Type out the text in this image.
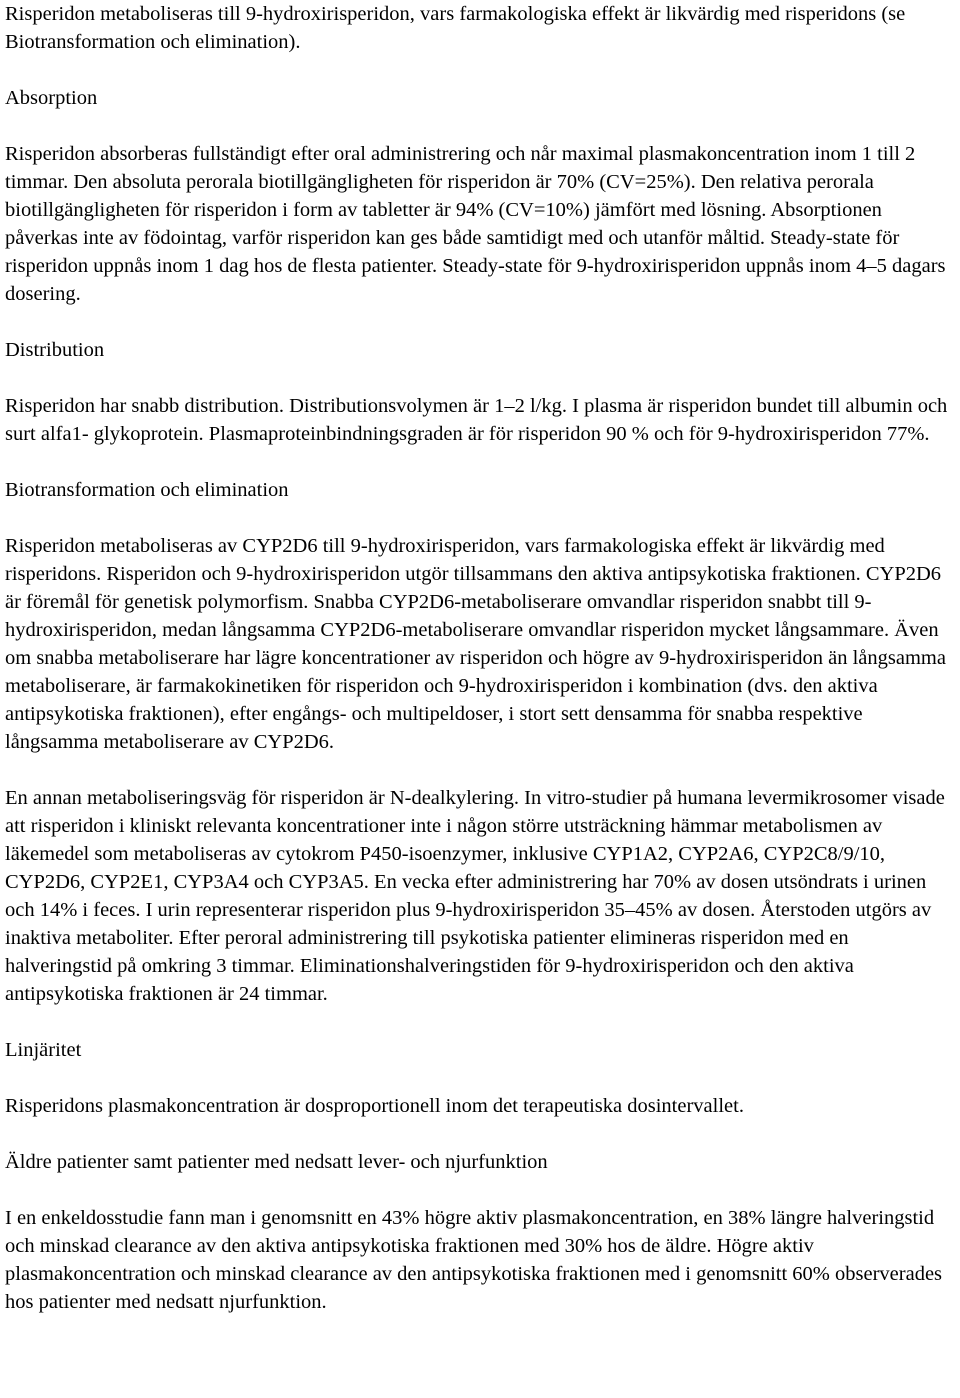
Risperidon metaboliseras till 9-hydroxirisperidon, vars farmakologiska effekt är likvärdig med risperidons (se Biotransformation och elimination).

Absorption

Risperidon absorberas fullständigt efter oral administrering och når maximal plasmakoncentration inom 1 till 2 timmar. Den absoluta perorala biotillgängligheten för risperidon är 70% (CV=25%). Den relativa perorala biotillgängligheten för risperidon i form av tabletter är 94% (CV=10%) jämfört med lösning. Absorptionen påverkas inte av födointag, varför risperidon kan ges både samtidigt med och utanför måltid. Steady-state för risperidon uppnås inom 1 dag hos de flesta patienter. Steady-state för 9-hydroxirisperidon uppnås inom 4–5 dagars dosering.

Distribution

Risperidon har snabb distribution. Distributionsvolymen är 1–2 l/kg. I plasma är risperidon bundet till albumin och surt alfa1- glykoprotein. Plasmaproteinbindningsgraden är för risperidon 90 % och för 9-hydroxirisperidon 77%.

Biotransformation och elimination

Risperidon metaboliseras av CYP2D6 till 9-hydroxirisperidon, vars farmakologiska effekt är likvärdig med risperidons. Risperidon och 9-hydroxirisperidon utgör tillsammans den aktiva antipsykotiska fraktionen. CYP2D6 är föremål för genetisk polymorfism. Snabba CYP2D6-metaboliserare omvandlar risperidon snabbt till 9-hydroxirisperidon, medan långsamma CYP2D6-metaboliserare omvandlar risperidon mycket långsammare. Även om snabba metaboliserare har lägre koncentrationer av risperidon och högre av 9-hydroxirisperidon än långsamma metaboliserare, är farmakokinetiken för risperidon och 9-hydroxirisperidon i kombination (dvs. den aktiva antipsykotiska fraktionen), efter engångs- och multipeldoser, i stort sett densamma för snabba respektive långsamma metaboliserare av CYP2D6.

En annan metaboliseringsväg för risperidon är N-dealkylering. In vitro-studier på humana levermikrosomer visade att risperidon i kliniskt relevanta koncentrationer inte i någon större utsträckning hämmar metabolismen av läkemedel som metaboliseras av cytokrom P450-isoenzymer, inklusive CYP1A2, CYP2A6, CYP2C8/9/10, CYP2D6, CYP2E1, CYP3A4 och CYP3A5. En vecka efter administrering har 70% av dosen utsöndrats i urinen och 14% i feces. I urin representerar risperidon plus 9-hydroxirisperidon 35–45% av dosen. Återstoden utgörs av inaktiva metaboliter. Efter peroral administrering till psykotiska patienter elimineras risperidon med en halveringstid på omkring 3 timmar. Eliminationshalveringstiden för 9-hydroxirisperidon och den aktiva antipsykotiska fraktionen är 24 timmar.

Linjäritet

Risperidons plasmakoncentration är dosproportionell inom det terapeutiska dosintervallet.

Äldre patienter samt patienter med nedsatt lever- och njurfunktion

I en enkeldosstudie fann man i genomsnitt en 43% högre aktiv plasmakoncentration, en 38% längre halveringstid och minskad clearance av den aktiva antipsykotiska fraktionen med 30% hos de äldre. Högre aktiv plasmakoncentration och minskad clearance av den antipsykotiska fraktionen med i genomsnitt 60% observerades hos patienter med nedsatt njurfunktion.
